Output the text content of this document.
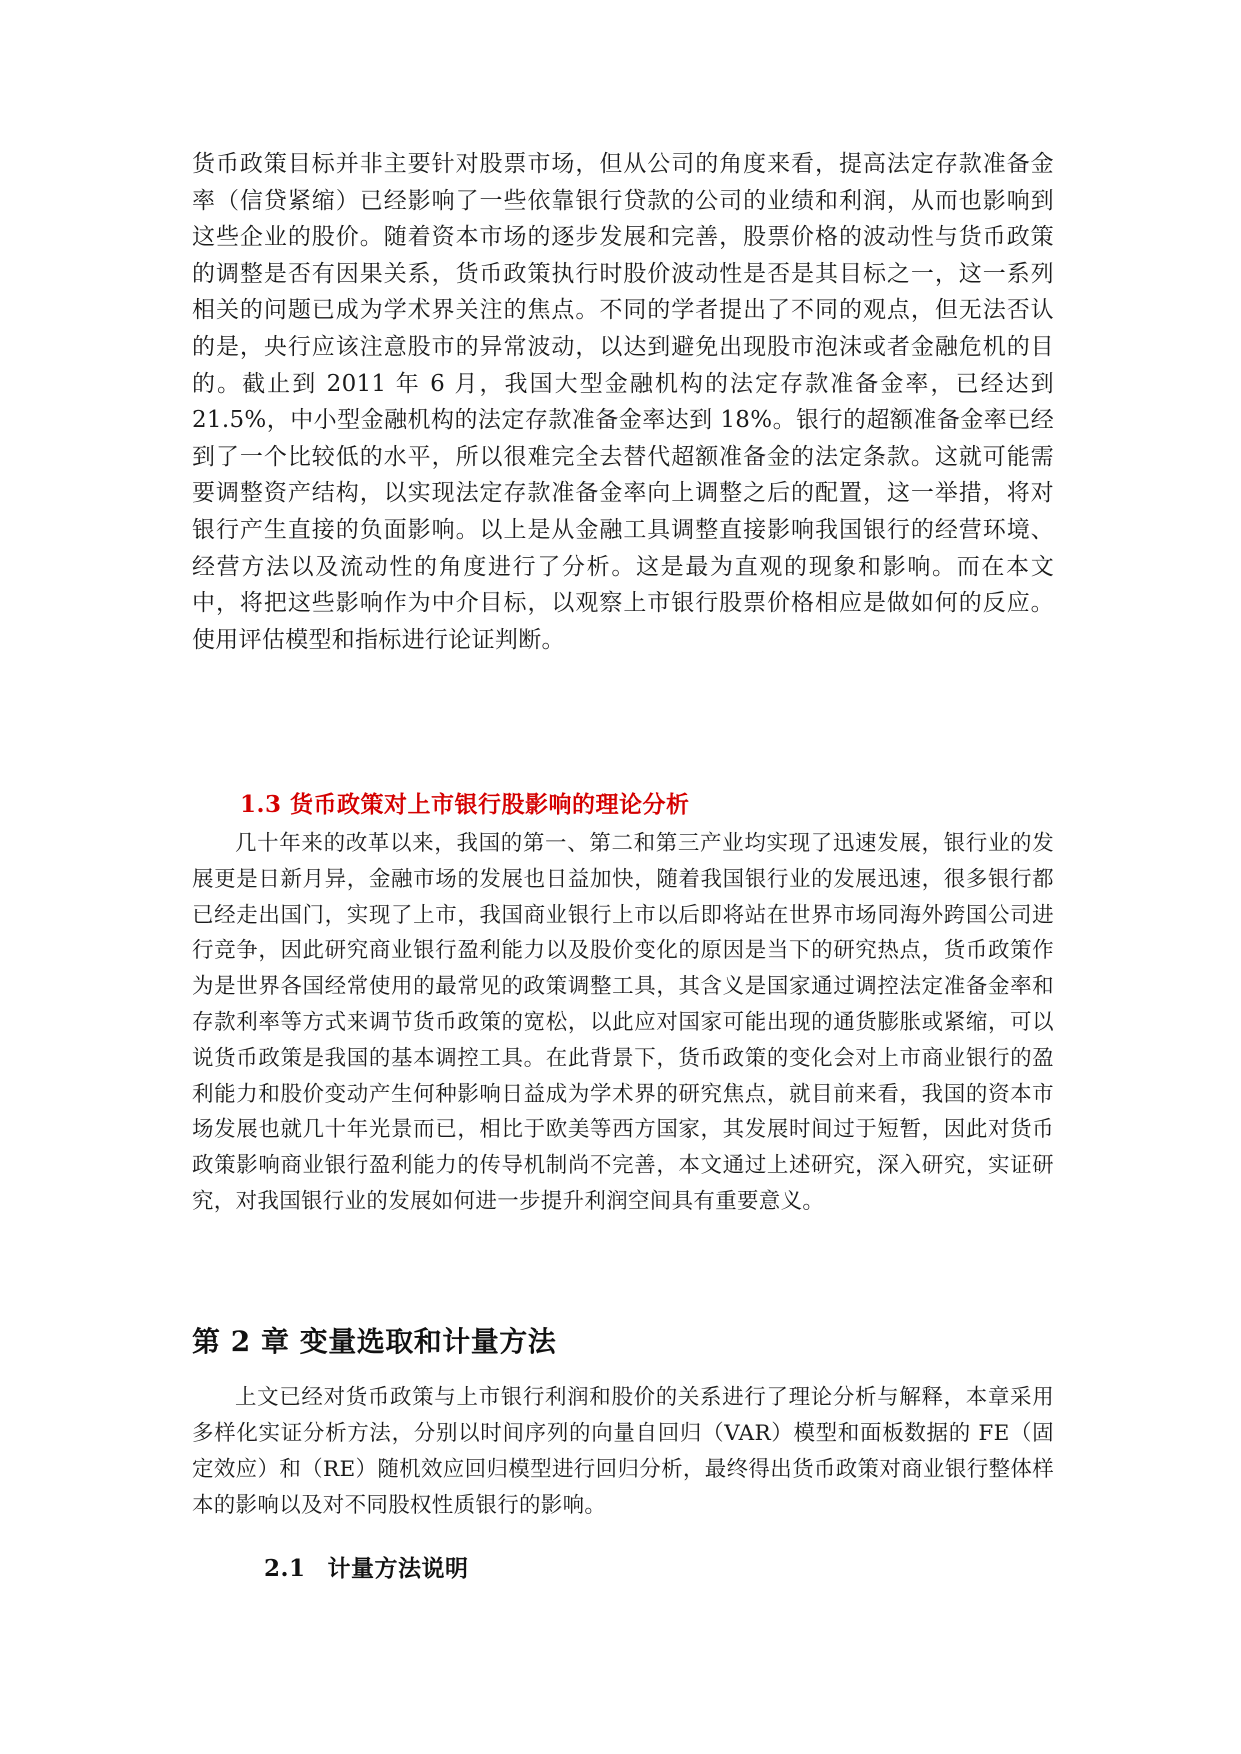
货币政策目标并非主要针对股票市场，但从公司的角度来看，提高法定存款准备金率（信贷紧缩）已经影响了一些依靠银行贷款的公司的业绩和利润，从而也影响到这些企业的股价。随着资本市场的逐步发展和完善，股票价格的波动性与货币政策的调整是否有因果关系，货币政策执行时股价波动性是否是其目标之一，这一系列相关的问题已成为学术界关注的焦点。不同的学者提出了不同的观点，但无法否认的是，央行应该注意股市的异常波动，以达到避免出现股市泡沫或者金融危机的目的。截止到 2011 年 6 月，我国大型金融机构的法定存款准备金率，已经达到 21.5%，中小型金融机构的法定存款准备金率达到 18%。银行的超额准备金率已经到了一个比较低的水平，所以很难完全去替代超额准备金的法定条款。这就可能需要调整资产结构，以实现法定存款准备金率向上调整之后的配置，这一举措，将对银行产生直接的负面影响。以上是从金融工具调整直接影响我国银行的经营环境、经营方法以及流动性的角度进行了分析。这是最为直观的现象和影响。而在本文中，将把这些影响作为中介目标，以观察上市银行股票价格相应是做如何的反应。使用评估模型和指标进行论证判断。

1.3 货币政策对上市银行股影响的理论分析

几十年来的改革以来，我国的第一、第二和第三产业均实现了迅速发展，银行业的发展更是日新月异，金融市场的发展也日益加快，随着我国银行业的发展迅速，很多银行都已经走出国门，实现了上市，我国商业银行上市以后即将站在世界市场同海外跨国公司进行竞争，因此研究商业银行盈利能力以及股价变化的原因是当下的研究热点，货币政策作为是世界各国经常使用的最常见的政策调整工具，其含义是国家通过调控法定准备金率和存款利率等方式来调节货币政策的宽松，以此应对国家可能出现的通货膨胀或紧缩，可以说货币政策是我国的基本调控工具。在此背景下，货币政策的变化会对上市商业银行的盈利能力和股价变动产生何种影响日益成为学术界的研究焦点，就目前来看，我国的资本市场发展也就几十年光景而已，相比于欧美等西方国家，其发展时间过于短暂，因此对货币政策影响商业银行盈利能力的传导机制尚不完善，本文通过上述研究，深入研究，实证研究，对我国银行业的发展如何进一步提升利润空间具有重要意义。

第 2 章 变量选取和计量方法

上文已经对货币政策与上市银行利润和股价的关系进行了理论分析与解释，本章采用多样化实证分析方法，分别以时间序列的向量自回归（VAR）模型和面板数据的 FE（固定效应）和（RE）随机效应回归模型进行回归分析，最终得出货币政策对商业银行整体样本的影响以及对不同股权性质银行的影响。

2.1 计量方法说明
